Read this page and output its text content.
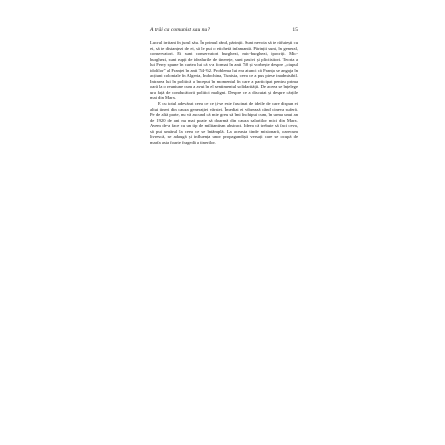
A trăi ca comunist sau nu?	15

Lucrul irritant în jurul său. În primul rând, părinții. Sunt nevoia să te răfuiești cu ei, să te distanțezi de ei, să le pui o etichetă infamantă. Părinții sunt, în general, conservatori. Ei sunt conservatori burghezi, mic-burghezi, ipocriți. Mic-burghezi, sunt rupți de idealurile de tinerețe, sunt pasivi și plictisitori. Teoria a lui Ferry spune în cartea lui că s-a format în anii '50 și vorbește despre „ciupul idolilor” al Franței în anii '54-'62. Problema lui era atunci că Franța se angaja în acțiuni coloniale în Algeria, Indochina, Tunisia, ceea ce a pus piese inadmisibil. Intrarea lui în politică a început în momentul în care a participat pentru prima oară la o reuniune cum a avut în el sentimentul solidarității. De aceea se înțelege ura față de conducătorii politici maligni. Despre ce a discutat și despre cărțile mai din Marx.

E cu totul adevărat ceea ce ce ți-se este fascinat de ideile de care dispun ei altui tineri din cauza generației vârstei. Îmediat ei vibrează când cineva suferă. Pe de altă parte, nu vă ascund că mie greu să îmi închipui cum, în urma unui an de 1920 de ani nu mai poate să doarmă din cauza salariilor mici din Marx. Avem de-a face cu un tip de militantism abstract. Ideea că trebuie să faci ceva, să pui umărul la ceea ce se întâmplă. La aceasta tinde misionară, oarecum livrescă, se adaugă și influența unor propagandiști versați care se ocupă de marfa asta foarte fragedă a tinerilor.
